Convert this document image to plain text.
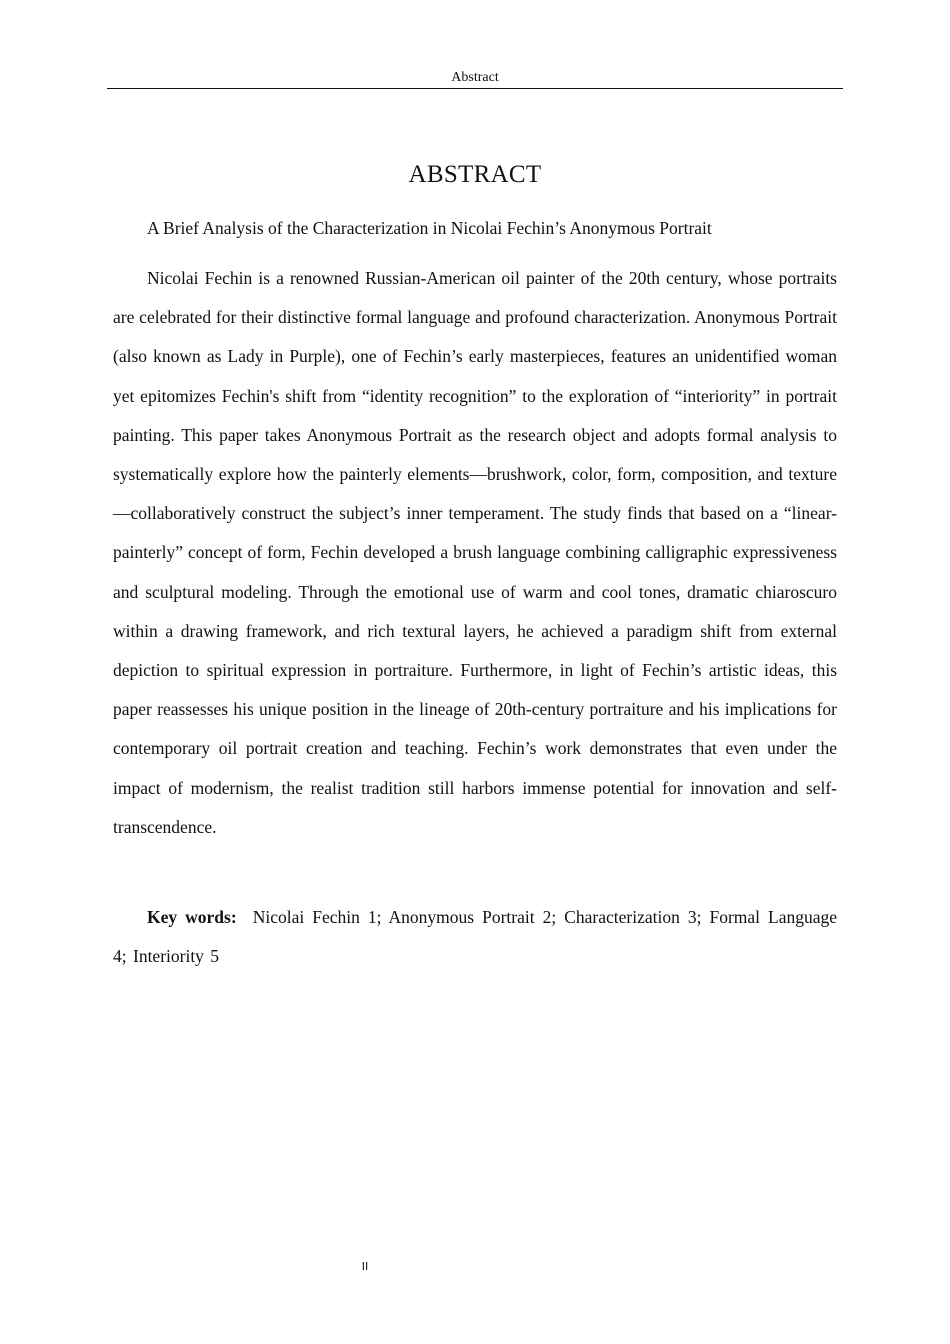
Abstract
ABSTRACT
A Brief Analysis of the Characterization in Nicolai Fechin’s Anonymous Portrait

Nicolai Fechin is a renowned Russian-American oil painter of the 20th century, whose portraits are celebrated for their distinctive formal language and profound characterization. Anonymous Portrait (also known as Lady in Purple), one of Fechin’s early masterpieces, features an unidentified woman yet epitomizes Fechin's shift from “identity recognition” to the exploration of “interiority” in portrait painting. This paper takes Anonymous Portrait as the research object and adopts formal analysis to systematically explore how the painterly elements—brushwork, color, form, composition, and texture—collaboratively construct the subject’s inner temperament. The study finds that based on a “linear-painterly” concept of form, Fechin developed a brush language combining calligraphic expressiveness and sculptural modeling. Through the emotional use of warm and cool tones, dramatic chiaroscuro within a drawing framework, and rich textural layers, he achieved a paradigm shift from external depiction to spiritual expression in portraiture. Furthermore, in light of Fechin’s artistic ideas, this paper reassesses his unique position in the lineage of 20th-century portraiture and his implications for contemporary oil portrait creation and teaching. Fechin’s work demonstrates that even under the impact of modernism, the realist tradition still harbors immense potential for innovation and self-transcendence.

Key words: Nicolai Fechin 1; Anonymous Portrait 2; Characterization 3; Formal Language 4; Interiority 5

II
